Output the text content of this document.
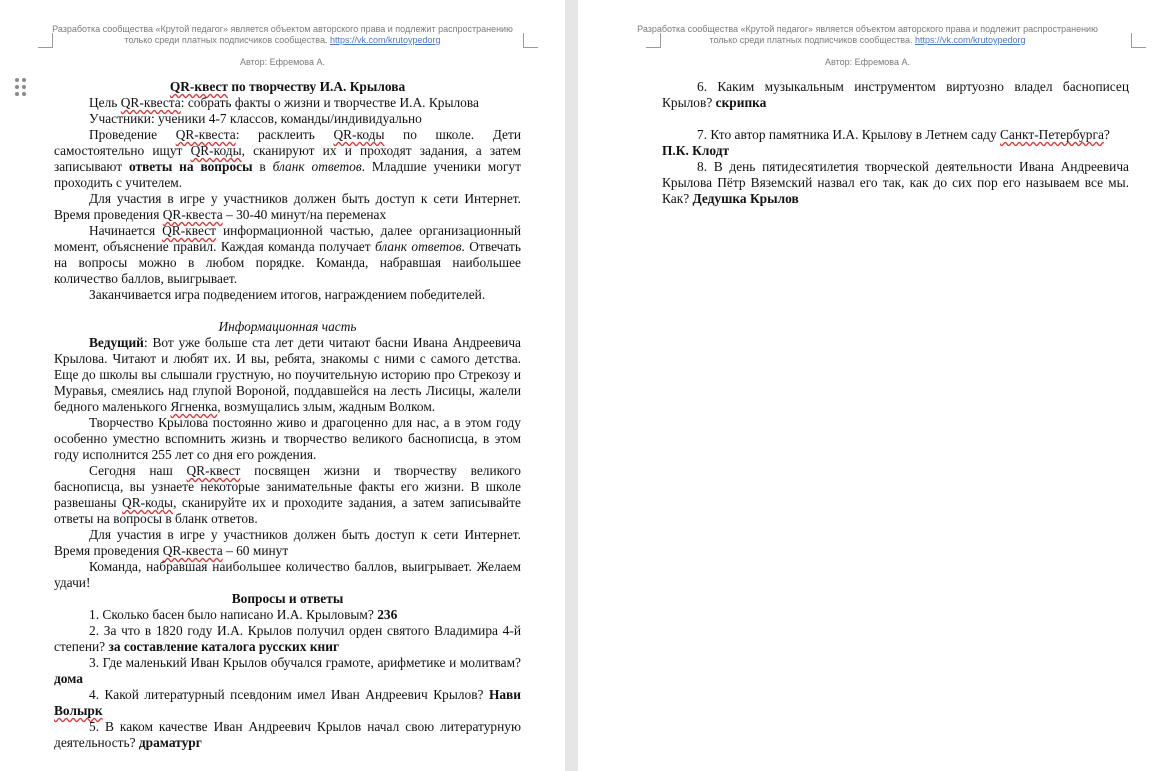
Разработка сообщества «Крутой педагог» является объектом авторского права и подлежит распространению
только среди платных подписчиков сообщества. https://vk.com/krutoypedorg
Автор: Ефремова А.

QR-квест по творчеству И.А. Крылова

Цель QR-квеста: собрать факты о жизни и творчестве И.А. Крылова

Участники: ученики 4-7 классов, команды/индивидуально

Проведение QR-квеста: расклеить QR-коды по школе. Дети самостоятельно ищут QR-коды, сканируют их и проходят задания, а затем записывают ответы на вопросы в бланк ответов. Младшие ученики могут проходить с учителем.

Для участия в игре у участников должен быть доступ к сети Интернет. Время проведения QR-квеста – 30-40 минут/на переменах

Начинается QR-квест информационной частью, далее организационный момент, объяснение правил. Каждая команда получает бланк ответов. Отвечать на вопросы можно в любом порядке. Команда, набравшая наибольшее количество баллов, выигрывает.

Заканчивается игра подведением итогов, награждением победителей.

Информационная часть

Ведущий: Вот уже больше ста лет дети читают басни Ивана Андреевича Крылова. Читают и любят их. И вы, ребята, знакомы с ними с самого детства. Еще до школы вы слышали грустную, но поучительную историю про Стрекозу и Муравья, смеялись над глупой Вороной, поддавшейся на лесть Лисицы, жалели бедного маленького Ягненка, возмущались злым, жадным Волком.

Творчество Крылова постоянно живо и драгоценно для нас, а в этом году особенно уместно вспомнить жизнь и творчество великого баснописца, в этом году исполнится 255 лет со дня его рождения.

Сегодня наш QR-квест посвящен жизни и творчеству великого баснописца, вы узнаете некоторые занимательные факты его жизни. В школе развешаны QR-коды, сканируйте их и проходите задания, а затем записывайте ответы на вопросы в бланк ответов.

Для участия в игре у участников должен быть доступ к сети Интернет. Время проведения QR-квеста – 60 минут

Команда, набравшая наибольшее количество баллов, выигрывает. Желаем удачи!

Вопросы и ответы

1. Сколько басен было написано И.А. Крыловым? 236

2. За что в 1820 году И.А. Крылов получил орден святого Владимира 4-й степени? за составление каталога русских книг

3. Где маленький Иван Крылов обучался грамоте, арифметике и молитвам? дома

4. Какой литературный псевдоним имел Иван Андреевич Крылов? Нави Волырк

5. В каком качестве Иван Андреевич Крылов начал свою литературную деятельность? драматург

Разработка сообщества «Крутой педагог» является объектом авторского права и подлежит распространению
только среди платных подписчиков сообщества. https://vk.com/krutoypedorg
Автор: Ефремова А.

6. Каким музыкальным инструментом виртуозно владел баснописец Крылов? скрипка

7. Кто автор памятника И.А. Крылову в Летнем саду Санкт-Петербурга?

П.К. Клодт

8. В день пятидесятилетия творческой деятельности Ивана Андреевича Крылова Пётр Вяземский назвал его так, как до сих пор его называем все мы. Как? Дедушка Крылов
